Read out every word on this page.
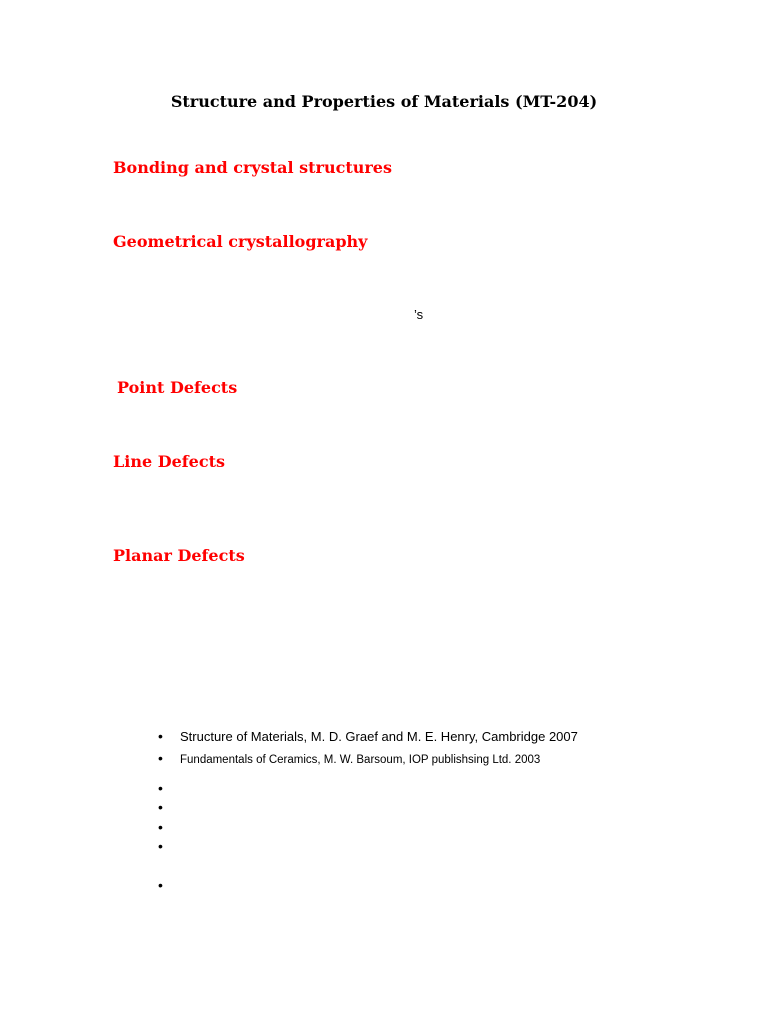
Structure and Properties of Materials (MT-204)
Bonding and crystal structures
Geometrical crystallography
’s
Point Defects
Line Defects
Planar Defects
• Structure of Materials, M. D. Graef and M. E. Henry, Cambridge 2007
• Fundamentals of Ceramics, M. W. Barsoum, IOP publishsing Ltd. 2003
•
•
•
•
•
